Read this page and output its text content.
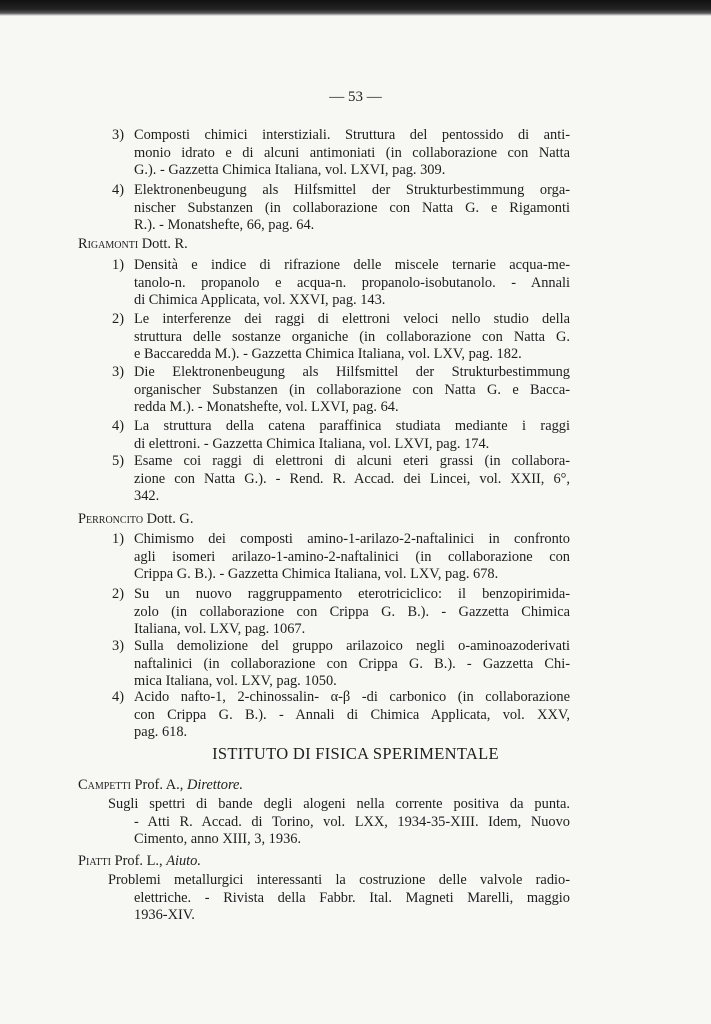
— 53 —
3) Composti chimici interstiziali. Struttura del pentossido di anti-
monio idrato e di alcuni antimoniati (in collaborazione con Natta
G.). - Gazzetta Chimica Italiana, vol. LXVI, pag. 309.
4) Elektronenbeugung als Hilfsmittel der Strukturbestimmung orga-
nischer Substanzen (in collaborazione con Natta G. e Rigamonti
R.). - Monatshefte, 66, pag. 64.
Rigamonti Dott. R.
1) Densità e indice di rifrazione delle miscele ternarie acqua-me-
tanolo-n. propanolo e acqua-n. propanolo-isobutanolo. - Annali
di Chimica Applicata, vol. XXVI, pag. 143.
2) Le interferenze dei raggi di elettroni veloci nello studio della
struttura delle sostanze organiche (in collaborazione con Natta G.
e Baccaredda M.). - Gazzetta Chimica Italiana, vol. LXV, pag. 182.
3) Die Elektronenbeugung als Hilfsmittel der Strukturbestimmung
organischer Substanzen (in collaborazione con Natta G. e Bacca-
redda M.). - Monatshefte, vol. LXVI, pag. 64.
4) La struttura della catena paraffinica studiata mediante i raggi
di elettroni. - Gazzetta Chimica Italiana, vol. LXVI, pag. 174.
5) Esame coi raggi di elettroni di alcuni eteri grassi (in collabora-
zione con Natta G.). - Rend. R. Accad. dei Lincei, vol. XXII, 6°,
342.
Perroncito Dott. G.
1) Chimismo dei composti amino-1-arilazo-2-naftalinici in confronto
agli isomeri arilazo-1-amino-2-naftalinici (in collaborazione con
Crippa G. B.). - Gazzetta Chimica Italiana, vol. LXV, pag. 678.
2) Su un nuovo raggruppamento eterotriciclico: il benzopirimida-
zolo (in collaborazione con Crippa G. B.). - Gazzetta Chimica
Italiana, vol. LXV, pag. 1067.
3) Sulla demolizione del gruppo arilazoico negli o-aminoazoderivati
naftalinici (in collaborazione con Crippa G. B.). - Gazzetta Chi-
mica Italiana, vol. LXV, pag. 1050.
4) Acido nafto-1, 2-chinossalin- α-β -di carbonico (in collaborazione
con Crippa G. B.). - Annali di Chimica Applicata, vol. XXV,
pag. 618.
ISTITUTO DI FISICA SPERIMENTALE
Campetti Prof. A., Direttore.
Sugli spettri di bande degli alogeni nella corrente positiva da punta.
- Atti R. Accad. di Torino, vol. LXX, 1934-35-XIII. Idem, Nuovo
Cimento, anno XIII, 3, 1936.
Piatti Prof. L., Aiuto.
Problemi metallurgici interessanti la costruzione delle valvole radio-
elettriche. - Rivista della Fabbr. Ital. Magneti Marelli, maggio
1936-XIV.
